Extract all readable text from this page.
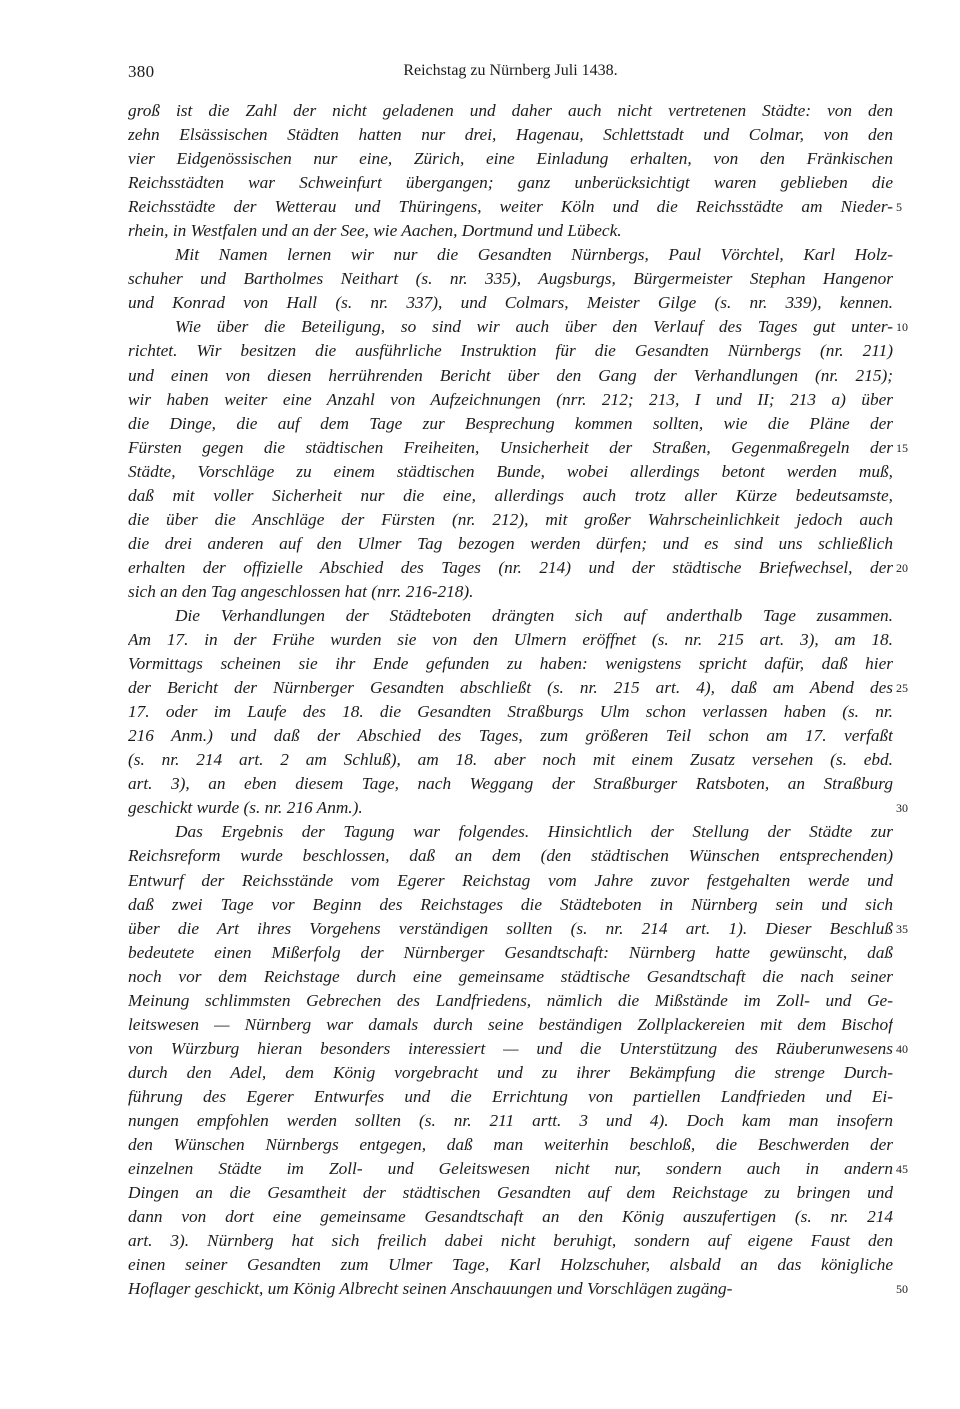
380	Reichstag zu Nürnberg Juli 1438.
groß ist die Zahl der nicht geladenen und daher auch nicht vertretenen Städte: von den
zehn Elsässischen Städten hatten nur drei, Hagenau, Schlettstadt und Colmar, von den
vier Eidgenössischen nur eine, Zürich, eine Einladung erhalten, von den Fränkischen
Reichsstädten war Schweinfurt übergangen; ganz unberücksichtigt waren geblieben die
Reichsstädte der Wetterau und Thüringens, weiter Köln und die Reichsstädte am Nieder-
rhein, in Westfalen und an der See, wie Aachen, Dortmund und Lübeck.
Mit Namen lernen wir nur die Gesandten Nürnbergs, Paul Vörchtel, Karl Holz-
schuher und Bartholmes Neithart (s. nr. 335), Augsburgs, Bürgermeister Stephan Hangenor
und Konrad von Hall (s. nr. 337), und Colmars, Meister Gilge (s. nr. 339), kennen.
Wie über die Beteiligung, so sind wir auch über den Verlauf des Tages gut unter-
richtet. Wir besitzen die ausführliche Instruktion für die Gesandten Nürnbergs (nr. 211)
und einen von diesen herrührenden Bericht über den Gang der Verhandlungen (nr. 215);
wir haben weiter eine Anzahl von Aufzeichnungen (nrr. 212; 213, I und II; 213 a) über
die Dinge, die auf dem Tage zur Besprechung kommen sollten, wie die Pläne der
Fürsten gegen die städtischen Freiheiten, Unsicherheit der Straßen, Gegenmaßregeln der
Städte, Vorschläge zu einem städtischen Bunde, wobei allerdings betont werden muß,
daß mit voller Sicherheit nur die eine, allerdings auch trotz aller Kürze bedeutsamste,
die über die Anschläge der Fürsten (nr. 212), mit großer Wahrscheinlichkeit jedoch auch
die drei anderen auf den Ulmer Tag bezogen werden dürfen; und es sind uns schließlich
erhalten der offizielle Abschied des Tages (nr. 214) und der städtische Briefwechsel, der
sich an den Tag angeschlossen hat (nrr. 216-218).
Die Verhandlungen der Städteboten drängten sich auf anderthalb Tage zusammen.
Am 17. in der Frühe wurden sie von den Ulmern eröffnet (s. nr. 215 art. 3), am 18.
Vormittags scheinen sie ihr Ende gefunden zu haben: wenigstens spricht dafür, daß hier
der Bericht der Nürnberger Gesandten abschließt (s. nr. 215 art. 4), daß am Abend des
17. oder im Laufe des 18. die Gesandten Straßburgs Ulm schon verlassen haben (s. nr.
216 Anm.) und daß der Abschied des Tages, zum größeren Teil schon am 17. verfaßt
(s. nr. 214 art. 2 am Schluß), am 18. aber noch mit einem Zusatz versehen (s. ebd.
art. 3), an eben diesem Tage, nach Weggang der Straßburger Ratsboten, an Straßburg
geschickt wurde (s. nr. 216 Anm.).
Das Ergebnis der Tagung war folgendes. Hinsichtlich der Stellung der Städte zur
Reichsreform wurde beschlossen, daß an dem (den städtischen Wünschen entsprechenden)
Entwurf der Reichsstände vom Egerer Reichstag vom Jahre zuvor festgehalten werde und
daß zwei Tage vor Beginn des Reichstages die Städteboten in Nürnberg sein und sich
über die Art ihres Vorgehens verständigen sollten (s. nr. 214 art. 1). Dieser Beschluß
bedeutete einen Mißerfolg der Nürnberger Gesandtschaft: Nürnberg hatte gewünscht, daß
noch vor dem Reichstage durch eine gemeinsame städtische Gesandtschaft die nach seiner
Meinung schlimmsten Gebrechen des Landfriedens, nämlich die Mißstände im Zoll- und Ge-
leitswesen — Nürnberg war damals durch seine beständigen Zollplackereien mit dem Bischof
von Würzburg hieran besonders interessiert — und die Unterstützung des Räuberunwesens
durch den Adel, dem König vorgebracht und zu ihrer Bekämpfung die strenge Durch-
führung des Egerer Entwurfes und die Errichtung von partiellen Landfrieden und Ei-
nungen empfohlen werden sollten (s. nr. 211 artt. 3 und 4). Doch kam man insofern
den Wünschen Nürnbergs entgegen, daß man weiterhin beschloß, die Beschwerden der
einzelnen Städte im Zoll- und Geleitswesen nicht nur, sondern auch in andern
Dingen an die Gesamtheit der städtischen Gesandten auf dem Reichstage zu bringen und
dann von dort eine gemeinsame Gesandtschaft an den König auszufertigen (s. nr. 214
art. 3). Nürnberg hat sich freilich dabei nicht beruhigt, sondern auf eigene Faust den
einen seiner Gesandten zum Ulmer Tage, Karl Holzschuher, alsbald an das königliche
Hoflager geschickt, um König Albrecht seinen Anschauungen und Vorschlägen zugäng-
5
10
15
20
25
30
35
40
45
50
